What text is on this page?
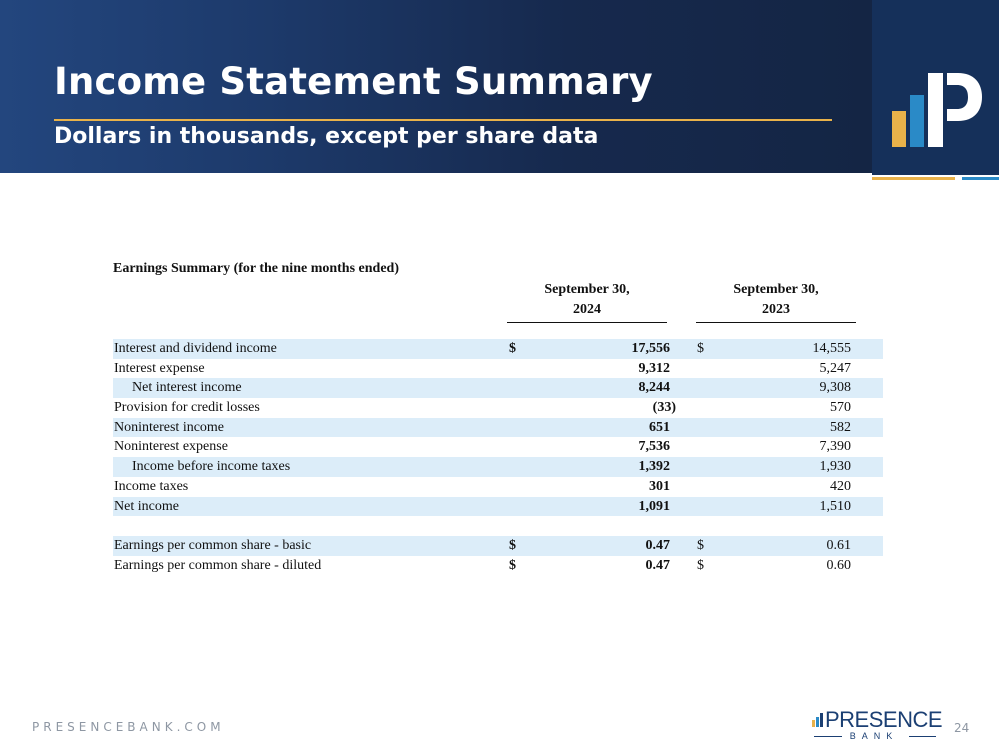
Income Statement Summary
Dollars in thousands, except per share data
Earnings Summary (for the nine months ended)
September 30,
2024
September 30,
2023
Interest and dividend income	$	17,556 $	14,555
Interest expense	9,312	5,247
Net interest income	8,244	9,308
Provision for credit losses	(33)	570
Noninterest income	651	582
Noninterest expense	7,536	7,390
Income before income taxes	1,392	1,930
Income taxes	301	420
Net income	1,091	1,510
Earnings per common share - basic	$	0.47 $	0.61
Earnings per common share - diluted	$	0.47 $	0.60
PRESENCEBANK.COM	PRESENCE
BANK
24
